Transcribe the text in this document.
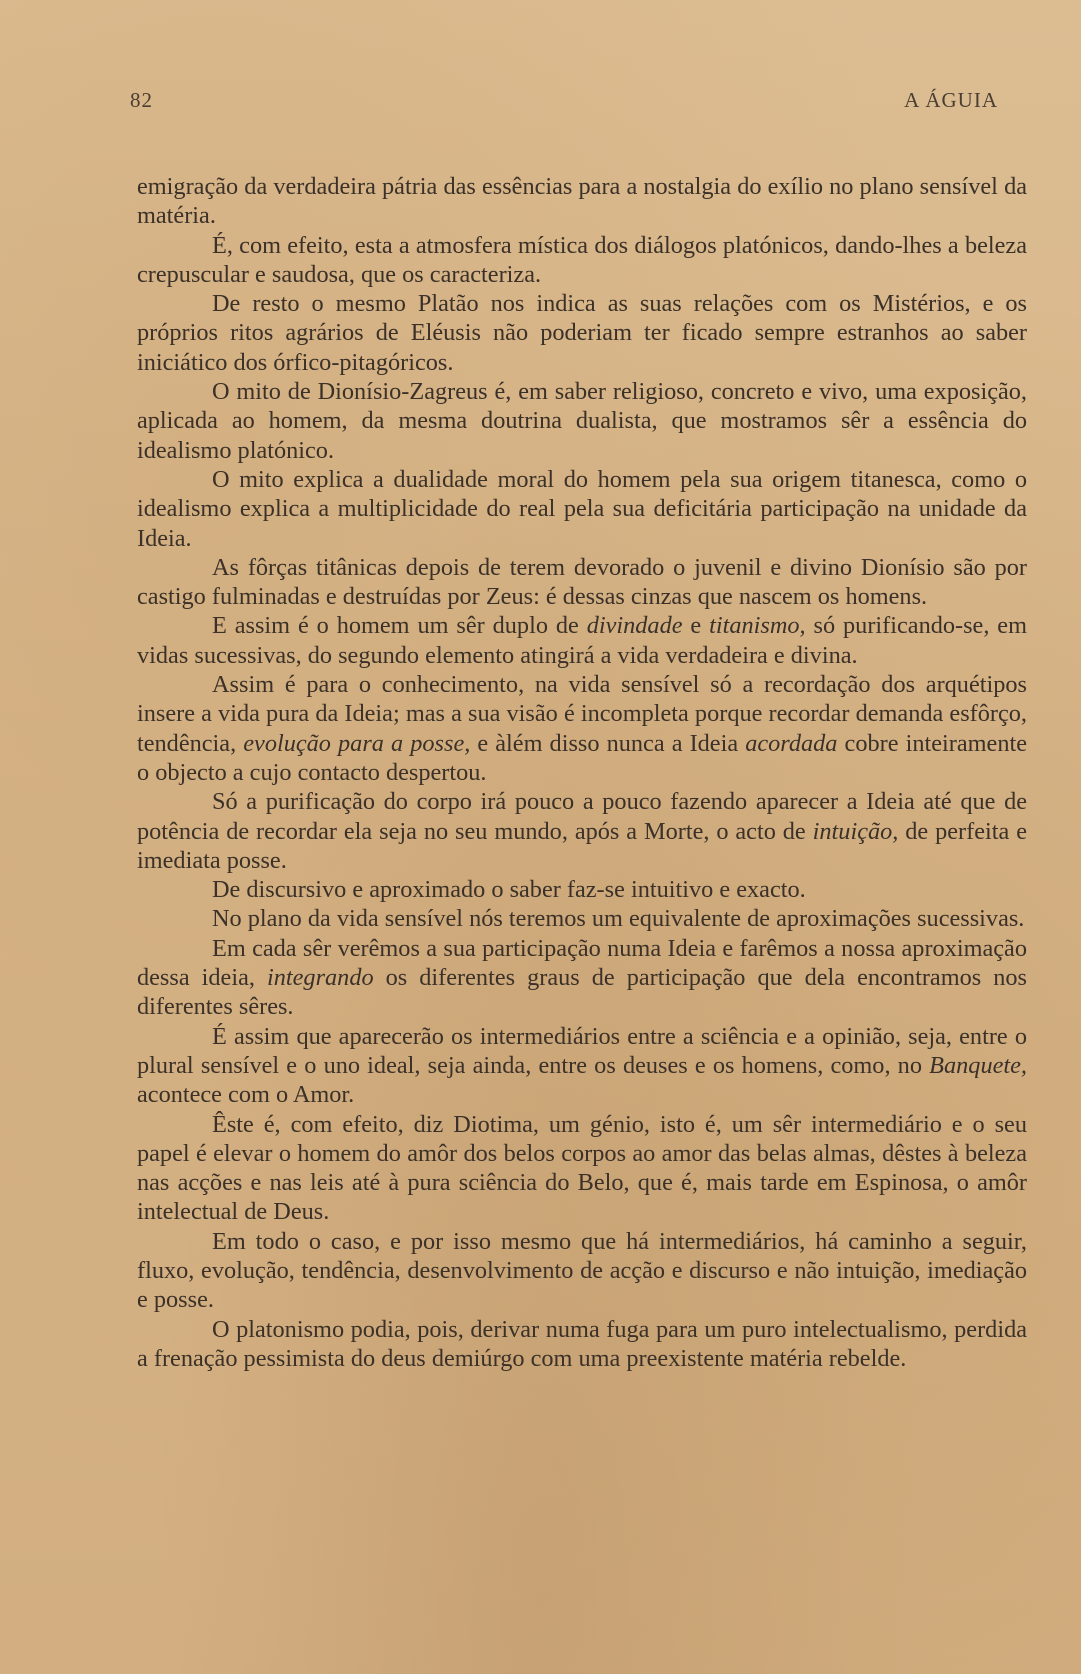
82	A ÁGUIA

emigração da verdadeira pátria das essências para a nostalgia do exílio no plano sensível da matéria.

É, com efeito, esta a atmosfera mística dos diálogos platónicos, dando-lhes a beleza crepuscular e saudosa, que os caracteriza.

De resto o mesmo Platão nos indica as suas relações com os Mistérios, e os próprios ritos agrários de Eléusis não poderiam ter ficado sempre estranhos ao saber iniciático dos órfico-pitagóricos.

O mito de Dionísio-Zagreus é, em saber religioso, concreto e vivo, uma exposição, aplicada ao homem, da mesma doutrina dualista, que mostramos sêr a essência do idealismo platónico.

O mito explica a dualidade moral do homem pela sua origem titanesca, como o idealismo explica a multiplicidade do real pela sua deficitária participação na unidade da Ideia.

As fôrças titânicas depois de terem devorado o juvenil e divino Dionísio são por castigo fulminadas e destruídas por Zeus: é dessas cinzas que nascem os homens.

E assim é o homem um sêr duplo de divindade e titanismo, só purificando-se, em vidas sucessivas, do segundo elemento atingirá a vida verdadeira e divina.

Assim é para o conhecimento, na vida sensível só a recordação dos arquétipos insere a vida pura da Ideia; mas a sua visão é incompleta porque recordar demanda esfôrço, tendência, evolução para a posse, e àlém disso nunca a Ideia acordada cobre inteiramente o objecto a cujo contacto despertou.

Só a purificação do corpo irá pouco a pouco fazendo aparecer a Ideia até que de potência de recordar ela seja no seu mundo, após a Morte, o acto de intuição, de perfeita e imediata posse.

De discursivo e aproximado o saber faz-se intuitivo e exacto.

No plano da vida sensível nós teremos um equivalente de aproximações sucessivas.

Em cada sêr verêmos a sua participação numa Ideia e farêmos a nossa aproximação dessa ideia, integrando os diferentes graus de participação que dela encontramos nos diferentes sêres.

É assim que aparecerão os intermediários entre a sciência e a opinião, seja, entre o plural sensível e o uno ideal, seja ainda, entre os deuses e os homens, como, no Banquete, acontece com o Amor.

Êste é, com efeito, diz Diotima, um génio, isto é, um sêr intermediário e o seu papel é elevar o homem do amôr dos belos corpos ao amor das belas almas, dêstes à beleza nas acções e nas leis até à pura sciência do Belo, que é, mais tarde em Espinosa, o amôr intelectual de Deus.

Em todo o caso, e por isso mesmo que há intermediários, há caminho a seguir, fluxo, evolução, tendência, desenvolvimento de acção e discurso e não intuição, imediação e posse.

O platonismo podia, pois, derivar numa fuga para um puro intelectualismo, perdida a frenação pessimista do deus demiúrgo com uma preexistente matéria rebelde.
